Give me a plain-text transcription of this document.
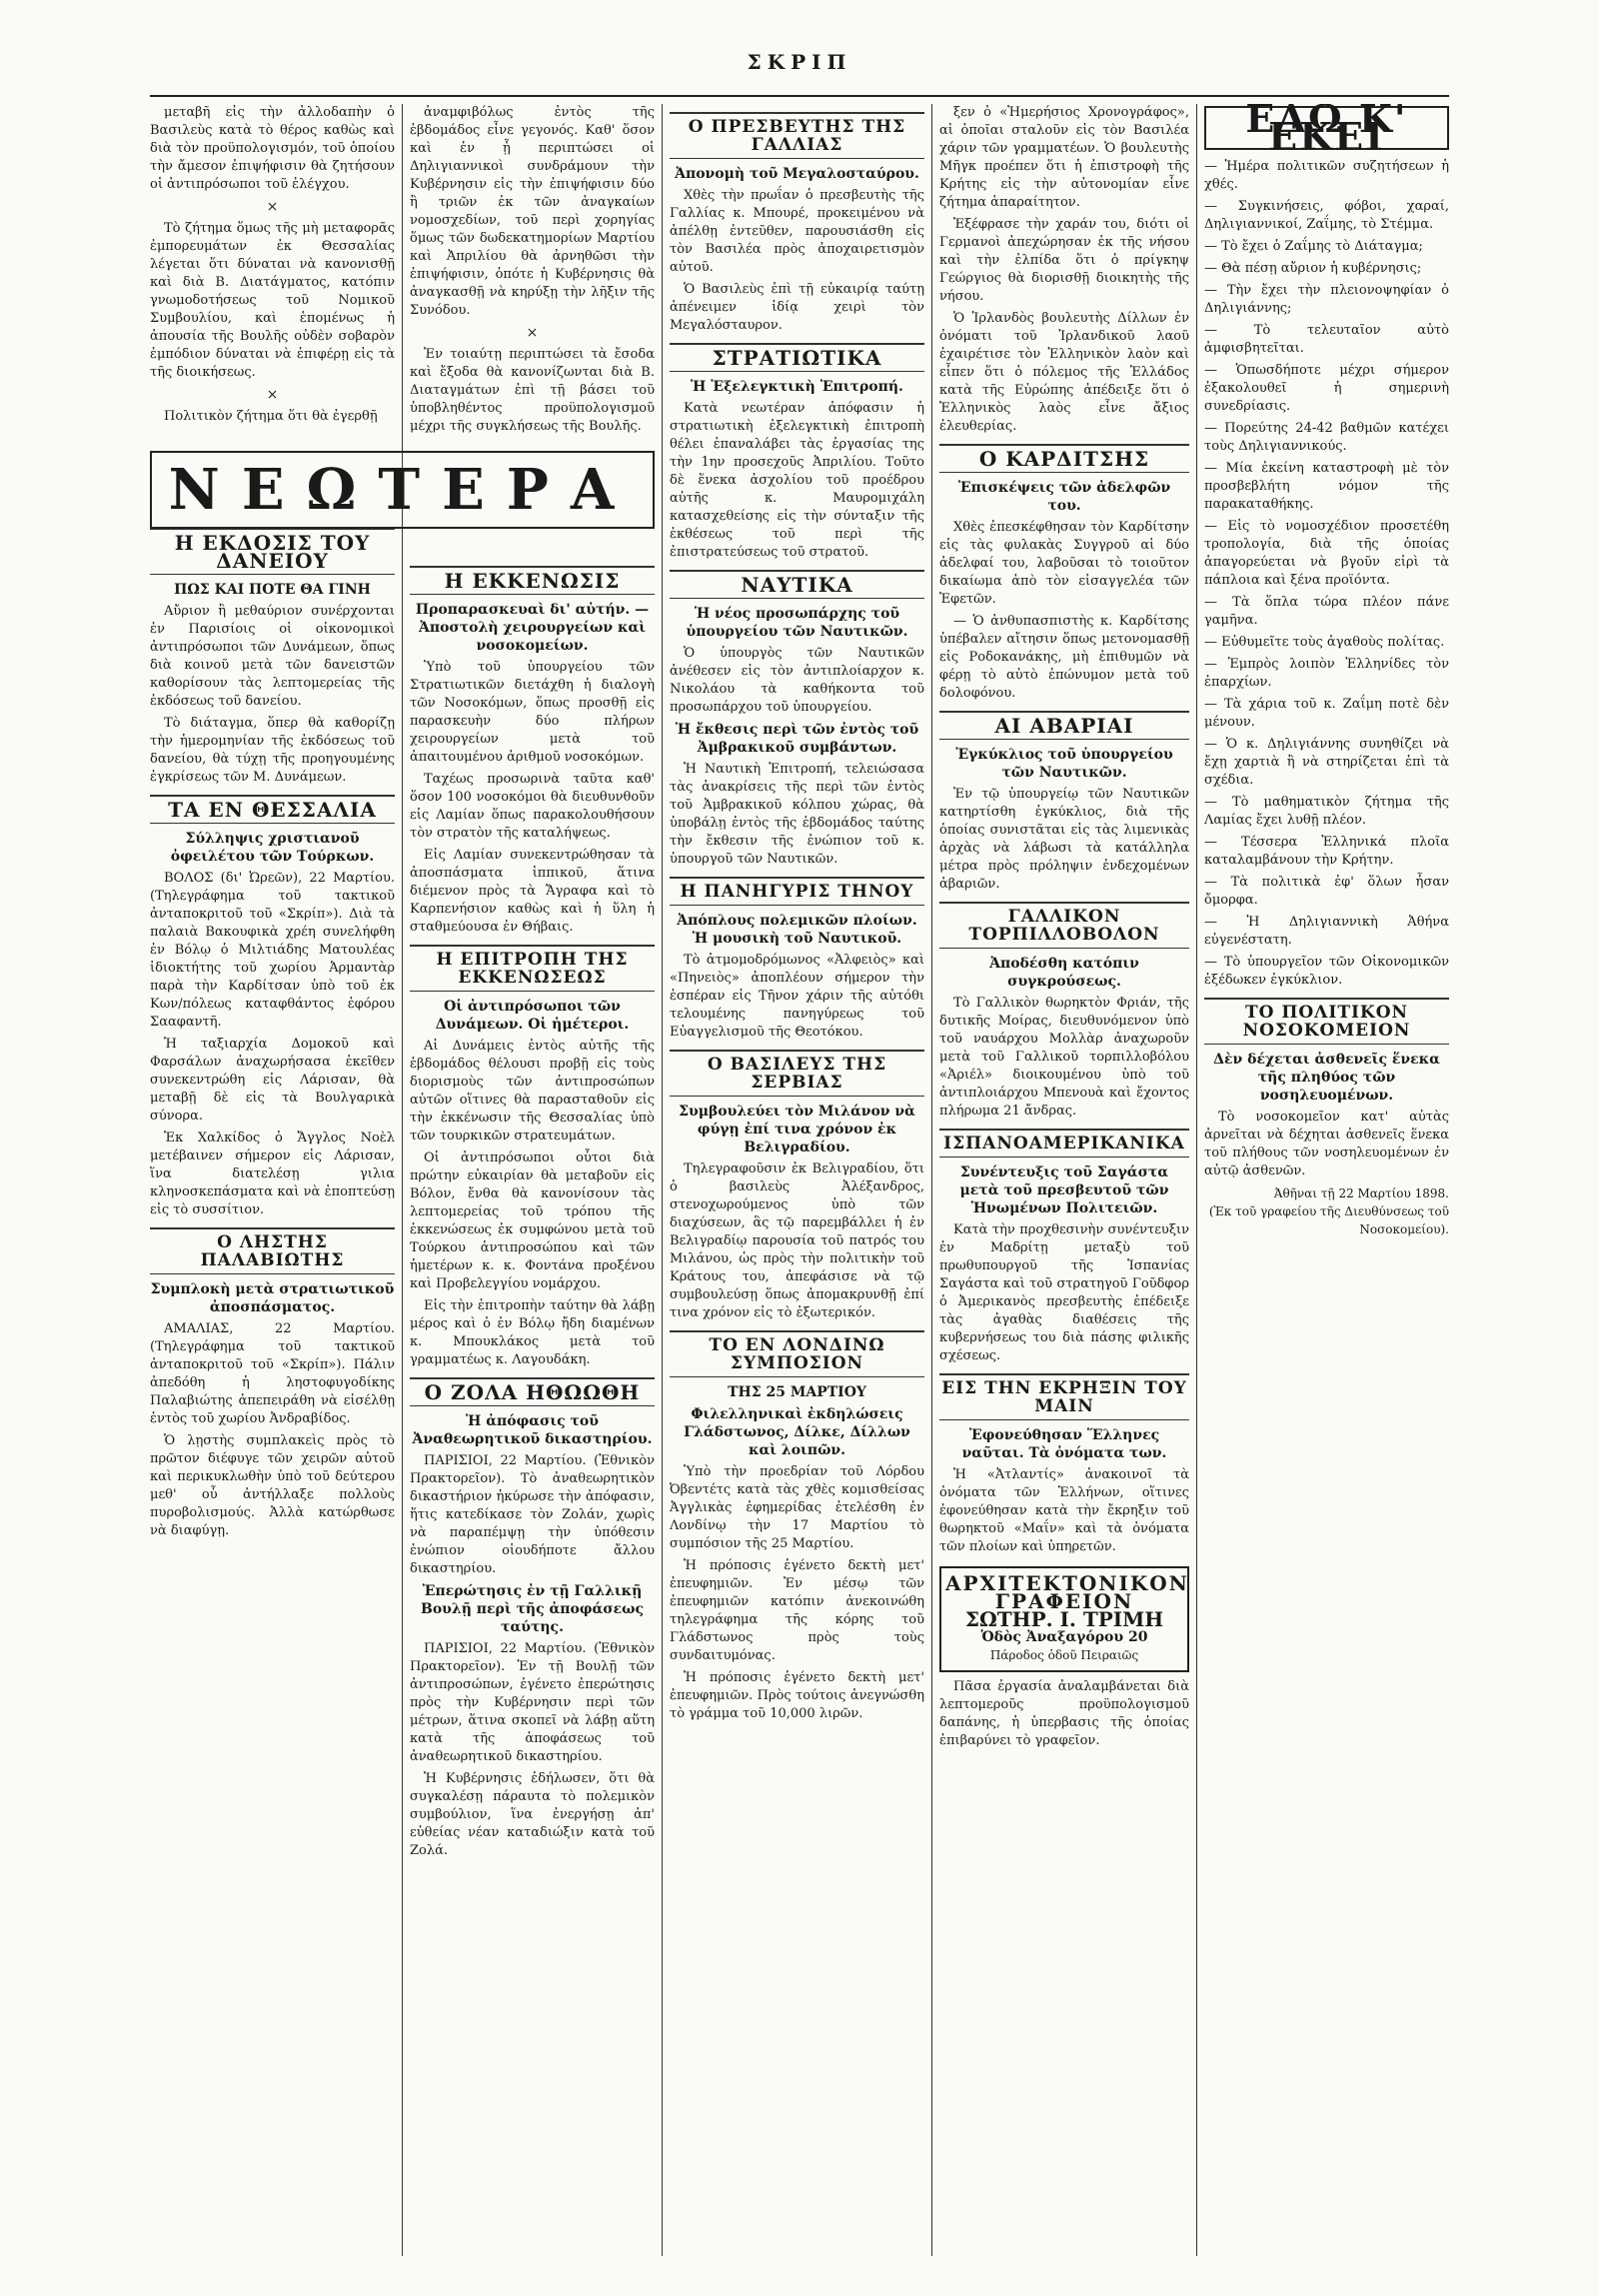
ΣΚΡΙΠ

μεταβῆ εἰς τὴν ἀλλοδαπὴν ὁ Βασιλεὺς κατὰ τὸ θέρος καθὼς καὶ διὰ τὸν προϋπολογισμόν, τοῦ ὁποίου τὴν ἄμεσον ἐπιψήφισιν θὰ ζητήσουν οἱ ἀντιπρόσωποι τοῦ ἐλέγχου.

×

Τὸ ζήτημα ὅμως τῆς μὴ μεταφορᾶς ἐμπορευμάτων ἐκ Θεσσαλίας λέγεται ὅτι δύναται νὰ κανονισθῇ καὶ διὰ Β. Διατάγματος, κατόπιν γνωμοδοτήσεως τοῦ Νομικοῦ Συμβουλίου, καὶ ἑπομένως ἡ ἀπουσία τῆς Βουλῆς οὐδὲν σοβαρὸν ἐμπόδιον δύναται νὰ ἐπιφέρῃ εἰς τὰ τῆς διοικήσεως.

×

Πολιτικὸν ζήτημα ὅτι θὰ ἐγερθῇ

Η ΕΚΔΟΣΙΣ ΤΟΥ ΔΑΝΕΙΟΥ
ΠΩΣ ΚΑΙ ΠΟΤΕ ΘΑ ΓΙΝΗ

Αὔριον ἢ μεθαύριον συνέρχονται ἐν Παρισίοις οἱ οἰκονομικοὶ ἀντιπρόσωποι τῶν Δυνάμεων, ὅπως διὰ κοινοῦ μετὰ τῶν δανειστῶν καθορίσουν τὰς λεπτομερείας τῆς ἐκδόσεως τοῦ δανείου.

Τὸ διάταγμα, ὅπερ θὰ καθορίζῃ τὴν ἡμερομηνίαν τῆς ἐκδόσεως τοῦ δανείου, θὰ τύχῃ τῆς προηγουμένης ἐγκρίσεως τῶν Μ. Δυνάμεων.

ΤΑ ΕΝ ΘΕΣΣΑΛΙΑ
Σύλληψις χριστιανοῦ ὀφειλέτου τῶν Τούρκων.

ΒΟΛΟΣ (δι' Ὠρεῶν), 22 Μαρτίου. (Τηλεγράφημα τοῦ τακτικοῦ ἀνταποκριτοῦ τοῦ «Σκρίπ»). Διὰ τὰ παλαιὰ Βακουφικὰ χρέη συνελήφθη ἐν Βόλῳ ὁ Μιλτιάδης Ματουλέας ἰδιοκτήτης τοῦ χωρίου Ἀρμαντὰρ παρὰ τὴν Καρδίτσαν ὑπὸ τοῦ ἐκ Κων/πόλεως καταφθάντος ἐφόρου Σααφαντῆ.

Ἡ ταξιαρχία Δομοκοῦ καὶ Φαρσάλων ἀναχωρήσασα ἐκεῖθεν συνεκεντρώθη εἰς Λάρισαν, θὰ μεταβῇ δὲ εἰς τὰ Βουλγαρικὰ σύνορα.

Ἐκ Χαλκίδος ὁ Ἄγγλος Νοὲλ μετέβαινεν σήμερον εἰς Λάρισαν, ἵνα διατελέσῃ γιλια κληνοσκεπάσματα καὶ νὰ ἐποπτεύσῃ εἰς τὸ συσσίτιον.

Ο ΛΗΣΤΗΣ ΠΑΛΑΒΙΩΤΗΣ
Συμπλοκὴ μετὰ στρατιωτικοῦ ἀποσπάσματος.

ΑΜΑΛΙΑΣ, 22 Μαρτίου. (Τηλεγράφημα τοῦ τακτικοῦ ἀνταποκριτοῦ τοῦ «Σκρίπ»). Πάλιν ἀπεδόθη ἡ ληστοφυγοδίκης Παλαβιώτης ἀπεπειράθη νὰ εἰσέλθῃ ἐντὸς τοῦ χωρίου Ἀνδραβίδος.

Ὁ λῃστὴς συμπλακεὶς πρὸς τὸ πρῶτον διέφυγε τῶν χειρῶν αὐτοῦ καὶ περικυκλωθὴν ὑπὸ τοῦ δεύτερου μεθ' οὗ ἀντήλλαξε πολλοὺς πυροβολισμούς. Ἀλλὰ κατώρθωσε νὰ διαφύγῃ.

ἀναμφιβόλως ἐντὸς τῆς ἑβδομάδος εἶνε γεγονός. Καθ' ὅσον καὶ ἐν ᾗ περιπτώσει οἱ Δηλιγιαννικοὶ συνδράμουν τὴν Κυβέρνησιν εἰς τὴν ἐπιψήφισιν δύο ἢ τριῶν ἐκ τῶν ἀναγκαίων νομοσχεδίων, τοῦ περὶ χορηγίας ὅμως τῶν δωδεκατημορίων Μαρτίου καὶ Ἀπριλίου θὰ ἀρνηθῶσι τὴν ἐπιψήφισιν, ὁπότε ἡ Κυβέρνησις θὰ ἀναγκασθῇ νὰ κηρύξῃ τὴν λῆξιν τῆς Συνόδου.

×

Ἐν τοιαύτῃ περιπτώσει τὰ ἔσοδα καὶ ἔξοδα θὰ κανονίζωνται διὰ Β. Διαταγμάτων ἐπὶ τῇ βάσει τοῦ ὑποβληθέντος προϋπολογισμοῦ μέχρι τῆς συγκλήσεως τῆς Βουλῆς.

Η ΕΚΚΕΝΩΣΙΣ
Προπαρασκευαὶ δι' αὐτήν. — Ἀποστολὴ χειρουργείων καὶ νοσοκομείων.

Ὑπὸ τοῦ ὑπουργείου τῶν Στρατιωτικῶν διετάχθη ἡ διαλογὴ τῶν Νοσοκόμων, ὅπως προσθῇ εἰς παρασκευὴν δύο πλήρων χειρουργείων μετὰ τοῦ ἀπαιτουμένου ἀριθμοῦ νοσοκόμων.

Ταχέως προσωρινὰ ταῦτα καθ' ὅσον 100 νοσοκόμοι θὰ διευθυνθοῦν εἰς Λαμίαν ὅπως παρακολουθήσουν τὸν στρατὸν τῆς καταλήψεως.

Εἰς Λαμίαν συνεκεντρώθησαν τὰ ἀποσπάσματα ἱππικοῦ, ἅτινα διέμενον πρὸς τὰ Ἄγραφα καὶ τὸ Καρπενήσιον καθὼς καὶ ἡ ὕλη ἡ σταθμεύουσα ἐν Θήβαις.

Η ΕΠΙΤΡΟΠΗ ΤΗΣ ΕΚΚΕΝΩΣΕΩΣ
Οἱ ἀντιπρόσωποι τῶν Δυνάμεων. Οἱ ἡμέτεροι.

Αἱ Δυνάμεις ἐντὸς αὐτῆς τῆς ἑβδομάδος θέλουσι προβῇ εἰς τοὺς διορισμοὺς τῶν ἀντιπροσώπων αὐτῶν οἵτινες θὰ παρασταθοῦν εἰς τὴν ἐκκένωσιν τῆς Θεσσαλίας ὑπὸ τῶν τουρκικῶν στρατευμάτων.

Οἱ ἀντιπρόσωποι οὗτοι διὰ πρώτην εὐκαιρίαν θὰ μεταβοῦν εἰς Βόλον, ἔνθα θὰ κανονίσουν τὰς λεπτομερείας τοῦ τρόπου τῆς ἐκκενώσεως ἐκ συμφώνου μετὰ τοῦ Τούρκου ἀντιπροσώπου καὶ τῶν ἡμετέρων κ. κ. Φοντάνα προξένου καὶ Προβελεγγίου νομάρχου.

Εἰς τὴν ἐπιτροπὴν ταύτην θὰ λάβῃ μέρος καὶ ὁ ἐν Βόλῳ ἤδη διαμένων κ. Μπουκλάκος μετὰ τοῦ γραμματέως κ. Λαγουδάκη.

Ο ΖΟΛΑ ΗΘΩΩΘΗ
Ἡ ἀπόφασις τοῦ Ἀναθεωρητικοῦ δικαστηρίου.

ΠΑΡΙΣΙΟΙ, 22 Μαρτίου. (Ἐθνικὸν Πρακτορεῖον). Τὸ ἀναθεωρητικὸν δικαστήριον ἠκύρωσε τὴν ἀπόφασιν, ἥτις κατεδίκασε τὸν Ζολάν, χωρὶς νὰ παραπέμψῃ τὴν ὑπόθεσιν ἐνώπιον οἱουδήποτε ἄλλου δικαστηρίου.

Ἐπερώτησις ἐν τῇ Γαλλικῇ Βουλῇ περὶ τῆς ἀποφάσεως ταύτης.

ΠΑΡΙΣΙΟΙ, 22 Μαρτίου. (Ἐθνικὸν Πρακτορεῖον). Ἐν τῇ Βουλῇ τῶν ἀντιπροσώπων, ἐγένετο ἐπερώτησις πρὸς τὴν Κυβέρνησιν περὶ τῶν μέτρων, ἅτινα σκοπεῖ νὰ λάβῃ αὕτη κατὰ τῆς ἀποφάσεως τοῦ ἀναθεωρητικοῦ δικαστηρίου.

Ἡ Κυβέρνησις ἐδήλωσεν, ὅτι θὰ συγκαλέσῃ πάραυτα τὸ πολεμικὸν συμβούλιον, ἵνα ἐνεργήσῃ ἀπ' εὐθείας νέαν καταδιώξιν κατὰ τοῦ Ζολά.

ΝΕΩΤΕΡΑ
Ο ΠΡΕΣΒΕΥΤΗΣ ΤΗΣ ΓΑΛΛΙΑΣ
Ἀπονομὴ τοῦ Μεγαλοσταύρου.

Χθὲς τὴν πρωΐαν ὁ πρεσβευτὴς τῆς Γαλλίας κ. Μπουρέ, προκειμένου νὰ ἀπέλθῃ ἐντεῦθεν, παρουσιάσθη εἰς τὸν Βασιλέα πρὸς ἀποχαιρετισμὸν αὐτοῦ.

Ὁ Βασιλεὺς ἐπὶ τῇ εὐκαιρίᾳ ταύτῃ ἀπένειμεν ἰδίᾳ χειρὶ τὸν Μεγαλόσταυρον.

ΣΤΡΑΤΙΩΤΙΚΑ
Ἡ Ἐξελεγκτικὴ Ἐπιτροπή.

Κατὰ νεωτέραν ἀπόφασιν ἡ στρατιωτικὴ ἐξελεγκτικὴ ἐπιτροπὴ θέλει ἐπαναλάβει τὰς ἐργασίας της τὴν 1ην προσεχοῦς Ἀπριλίου. Τοῦτο δὲ ἕνεκα ἀσχολίου τοῦ προέδρου αὐτῆς κ. Μαυρομιχάλη κατασχεθείσης εἰς τὴν σύνταξιν τῆς ἐκθέσεως τοῦ περὶ τῆς ἐπιστρατεύσεως τοῦ στρατοῦ.

ΝΑΥΤΙΚΑ
Ἡ νέος προσωπάρχης τοῦ ὑπουργείου τῶν Ναυτικῶν.

Ὁ ὑπουργὸς τῶν Ναυτικῶν ἀνέθεσεν εἰς τὸν ἀντιπλοίαρχον κ. Νικολάου τὰ καθήκοντα τοῦ προσωπάρχου τοῦ ὑπουργείου.

Ἡ ἔκθεσις περὶ τῶν ἐντὸς τοῦ Ἀμβρακικοῦ συμβάντων.

Ἡ Ναυτικὴ Ἐπιτροπή, τελειώσασα τὰς ἀνακρίσεις τῆς περὶ τῶν ἐντὸς τοῦ Ἀμβρακικοῦ κόλπου χώρας, θὰ ὑποβάλῃ ἐντὸς τῆς ἑβδομάδος ταύτης τὴν ἔκθεσιν τῆς ἐνώπιον τοῦ κ. ὑπουργοῦ τῶν Ναυτικῶν.

Η ΠΑΝΗΓΥΡΙΣ ΤΗΝΟΥ
Ἀπόπλους πολεμικῶν πλοίων. Ἡ μουσικὴ τοῦ Ναυτικοῦ.

Τὸ ἀτμομοδρόμωνος «Ἀλφειὸς» καὶ «Πηνειὸς» ἀποπλέουν σήμερον τὴν ἑσπέραν εἰς Τῆνον χάριν τῆς αὐτόθι τελουμένης πανηγύρεως τοῦ Εὐαγγελισμοῦ τῆς Θεοτόκου.

Ο ΒΑΣΙΛΕΥΣ ΤΗΣ ΣΕΡΒΙΑΣ
Συμβουλεύει τὸν Μιλάνον νὰ φύγῃ ἐπί τινα χρόνον ἐκ Βελιγραδίου.

Τηλεγραφοῦσιν ἐκ Βελιγραδίου, ὅτι ὁ βασιλεὺς Ἀλέξανδρος, στενοχωρούμενος ὑπὸ τῶν διαχύσεων, ἃς τῷ παρεμβάλλει ἡ ἐν Βελιγραδίῳ παρουσία τοῦ πατρός του Μιλάνου, ὡς πρὸς τὴν πολιτικὴν τοῦ Κράτους του, ἀπεφάσισε νὰ τῷ συμβουλεύσῃ ὅπως ἀπομακρυνθῇ ἐπί τινα χρόνον εἰς τὸ ἐξωτερικόν.

ΤΟ ΕΝ ΛΟΝΔΙΝΩ ΣΥΜΠΟΣΙΟΝ
ΤΗΣ 25 ΜΑΡΤΙΟΥ
Φιλελληνικαὶ ἐκδηλώσεις Γλάδστωνος, Δίλκε, Δίλλων καὶ λοιπῶν.

Ὑπὸ τὴν προεδρίαν τοῦ Λόρδου Ὀβεντέτς κατὰ τὰς χθὲς κομισθείσας Ἀγγλικὰς ἐφημερίδας ἐτελέσθη ἐν Λονδίνῳ τὴν 17 Μαρτίου τὸ συμπόσιον τῆς 25 Μαρτίου.

Ἡ πρόποσις ἐγένετο δεκτὴ μετ' ἐπευφημιῶν. Ἐν μέσῳ τῶν ἐπευφημιῶν κατόπιν ἀνεκοινώθη τηλεγράφημα τῆς κόρης τοῦ Γλάδστωνος πρὸς τοὺς συνδαιτυμόνας.

Ἡ πρόποσις ἐγένετο δεκτὴ μετ' ἐπευφημιῶν. Πρὸς τούτοις ἀνεγνώσθη τὸ γράμμα τοῦ 10,000 λιρῶν.

ξεν ὁ «Ἡμερήσιος Χρονογράφος», αἱ ὁποῖαι σταλοῦν εἰς τὸν Βασιλέα χάριν τῶν γραμματέων. Ὁ βουλευτὴς Μῆγκ προέπεν ὅτι ἡ ἐπιστροφὴ τῆς Κρήτης εἰς τὴν αὐτονομίαν εἶνε ζήτημα ἀπαραίτητον.

Ἐξέφρασε τὴν χαράν του, διότι οἱ Γερμανοὶ ἀπεχώρησαν ἐκ τῆς νήσου καὶ τὴν ἐλπίδα ὅτι ὁ πρίγκηψ Γεώργιος θὰ διορισθῇ διοικητὴς τῆς νήσου.

Ὁ Ἰρλανδὸς βουλευτὴς Δίλλων ἐν ὀνόματι τοῦ Ἰρλανδικοῦ λαοῦ ἐχαιρέτισε τὸν Ἑλληνικὸν λαὸν καὶ εἶπεν ὅτι ὁ πόλεμος τῆς Ἑλλάδος κατὰ τῆς Εὐρώπης ἀπέδειξε ὅτι ὁ Ἑλληνικὸς λαὸς εἶνε ἄξιος ἐλευθερίας.

Ο ΚΑΡΔΙΤΣΗΣ
Ἐπισκέψεις τῶν ἀδελφῶν του.

Χθὲς ἐπεσκέφθησαν τὸν Καρδίτσην εἰς τὰς φυλακὰς Συγγροῦ αἱ δύο ἀδελφαί του, λαβοῦσαι τὸ τοιοῦτον δικαίωμα ἀπὸ τὸν εἰσαγγελέα τῶν Ἐφετῶν.

— Ὁ ἀνθυπασπιστὴς κ. Καρδίτσης ὑπέβαλεν αἴτησιν ὅπως μετονομασθῇ εἰς Ροδοκανάκης, μὴ ἐπιθυμῶν νὰ φέρῃ τὸ αὐτὸ ἐπώνυμον μετὰ τοῦ δολοφόνου.

ΑΙ ΑΒΑΡΙΑΙ
Ἐγκύκλιος τοῦ ὑπουργείου τῶν Ναυτικῶν.

Ἐν τῷ ὑπουργείῳ τῶν Ναυτικῶν κατηρτίσθη ἐγκύκλιος, διὰ τῆς ὁποίας συνιστᾶται εἰς τὰς λιμενικὰς ἀρχὰς νὰ λάβωσι τὰ κατάλληλα μέτρα πρὸς πρόληψιν ἐνδεχομένων ἀβαριῶν.

ΓΑΛΛΙΚΟΝ ΤΟΡΠΙΛΛΟΒΟΛΟΝ
Ἀποδέσθη κατόπιν συγκρούσεως.

Τὸ Γαλλικὸν θωρηκτὸν Φριάν, τῆς δυτικῆς Μοίρας, διευθυνόμενον ὑπὸ τοῦ ναυάρχου Μολλὰρ ἀναχωροῦν μετὰ τοῦ Γαλλικοῦ τορπιλλοβόλου «Ἀριέλ» διοικουμένου ὑπὸ τοῦ ἀντιπλοιάρχου Μπενουὰ καὶ ἔχοντος πλήρωμα 21 ἄνδρας.

ΙΣΠΑΝΟΑΜΕΡΙΚΑΝΙΚΑ
Συνέντευξις τοῦ Σαγάστα μετὰ τοῦ πρεσβευτοῦ τῶν Ἡνωμένων Πολιτειῶν.

Κατὰ τὴν προχθεσινὴν συνέντευξιν ἐν Μαδρίτῃ μεταξὺ τοῦ πρωθυπουργοῦ τῆς Ἱσπανίας Σαγάστα καὶ τοῦ στρατηγοῦ Γοῦδφορ ὁ Ἀμερικανὸς πρεσβευτὴς ἐπέδειξε τὰς ἀγαθὰς διαθέσεις τῆς κυβερνήσεως του διὰ πάσης φιλικῆς σχέσεως.

ΕΙΣ ΤΗΝ ΕΚΡΗΞΙΝ ΤΟΥ ΜΑΙΝ
Ἐφονεύθησαν Ἕλληνες ναῦται. Τὰ ὀνόματα των.

Ἡ «Ἀτλαντίς» ἀνακοινοῖ τὰ ὀνόματα τῶν Ἑλλήνων, οἵτινες ἐφονεύθησαν κατὰ τὴν ἔκρηξιν τοῦ θωρηκτοῦ «Μαΐν» καὶ τὰ ὀνόματα τῶν πλοίων καὶ ὑπηρετῶν.

ΑΡΧΙΤΕΚΤΟΝΙΚΟΝ ΓΡΑΦΕΙΟΝ
ΣΩΤΗΡ. Ι. ΤΡΙΜΗ
Ὁδὸς Ἀναξαγόρου 20
Πάροδος ὁδοῦ Πειραιῶς

Πᾶσα ἐργασία ἀναλαμβάνεται διὰ λεπτομεροῦς προϋπολογισμοῦ δαπάνης, ἡ ὑπερβασις τῆς ὁποίας ἐπιβαρύνει τὸ γραφεῖον.

ΕΔΩ Κ' ΕΚΕΙ

— Ἡμέρα πολιτικῶν συζητήσεων ἡ χθές.

— Συγκινήσεις, φόβοι, χαραί, Δηλιγιαννικοί, Ζαΐμης, τὸ Στέμμα.

— Τὸ ἔχει ὁ Ζαΐμης τὸ Διάταγμα;

— Θὰ πέσῃ αὔριον ἡ κυβέρνησις;

— Τὴν ἔχει τὴν πλειονοψηφίαν ὁ Δηλιγιάννης;

— Τὸ τελευταῖον αὐτὸ ἀμφισβητεῖται.

— Ὁπωσδήποτε μέχρι σήμερον ἐξακολουθεῖ ἡ σημερινὴ συνεδρίασις.

— Πορεύτης 24-42 βαθμῶν κατέχει τοὺς Δηλιγιαννικούς.

— Μία ἐκείνη καταστροφὴ μὲ τὸν προσβεβλήτη νόμον τῆς παρακαταθήκης.

— Εἰς τὸ νομοσχέδιον προσετέθη τροπολογία, διὰ τῆς ὁποίας ἀπαγορεύεται νὰ βγοῦν εἰρὶ τὰ πάπλοια καὶ ξένα προϊόντα.

— Τὰ ὅπλα τώρα πλέον πάνε γαμῆνα.

— Εὐθυμεῖτε τοὺς ἀγαθοὺς πολίτας.

— Ἐμπρὸς λοιπὸν Ἑλληνίδες τὸν ἐπαρχίων.

— Τὰ χάρια τοῦ κ. Ζαΐμη ποτὲ δὲν μένουν.

— Ὁ κ. Δηλιγιάννης συνηθίζει νὰ ἔχῃ χαρτιὰ ἢ νὰ στηρίζεται ἐπὶ τὰ σχέδια.

— Τὸ μαθηματικὸν ζήτημα τῆς Λαμίας ἔχει λυθῇ πλέον.

— Τέσσερα Ἑλληνικά πλοῖα καταλαμβάνουν τὴν Κρήτην.

— Τὰ πολιτικὰ ἐφ' ὅλων ἦσαν ὄμορφα.

— Ἡ Δηλιγιαννικὴ Ἀθήνα εὐγενέστατη.

— Τὸ ὑπουργεῖον τῶν Οἰκονομικῶν ἐξέδωκεν ἐγκύκλιον.

ΤΟ ΠΟΛΙΤΙΚΟΝ ΝΟΣΟΚΟΜΕΙΟΝ
Δὲν δέχεται ἀσθενεῖς ἕνεκα τῆς πληθύος τῶν νοσηλευομένων.

Τὸ νοσοκομεῖον κατ' αὐτὰς ἀρνεῖται νὰ δέχηται ἀσθενεῖς ἕνεκα τοῦ πλήθους τῶν νοσηλευομένων ἐν αὐτῷ ἀσθενῶν.

Ἀθῆναι τῇ 22 Μαρτίου 1898.
(Ἐκ τοῦ γραφείου τῆς Διευθύνσεως τοῦ Νοσοκομείου).
